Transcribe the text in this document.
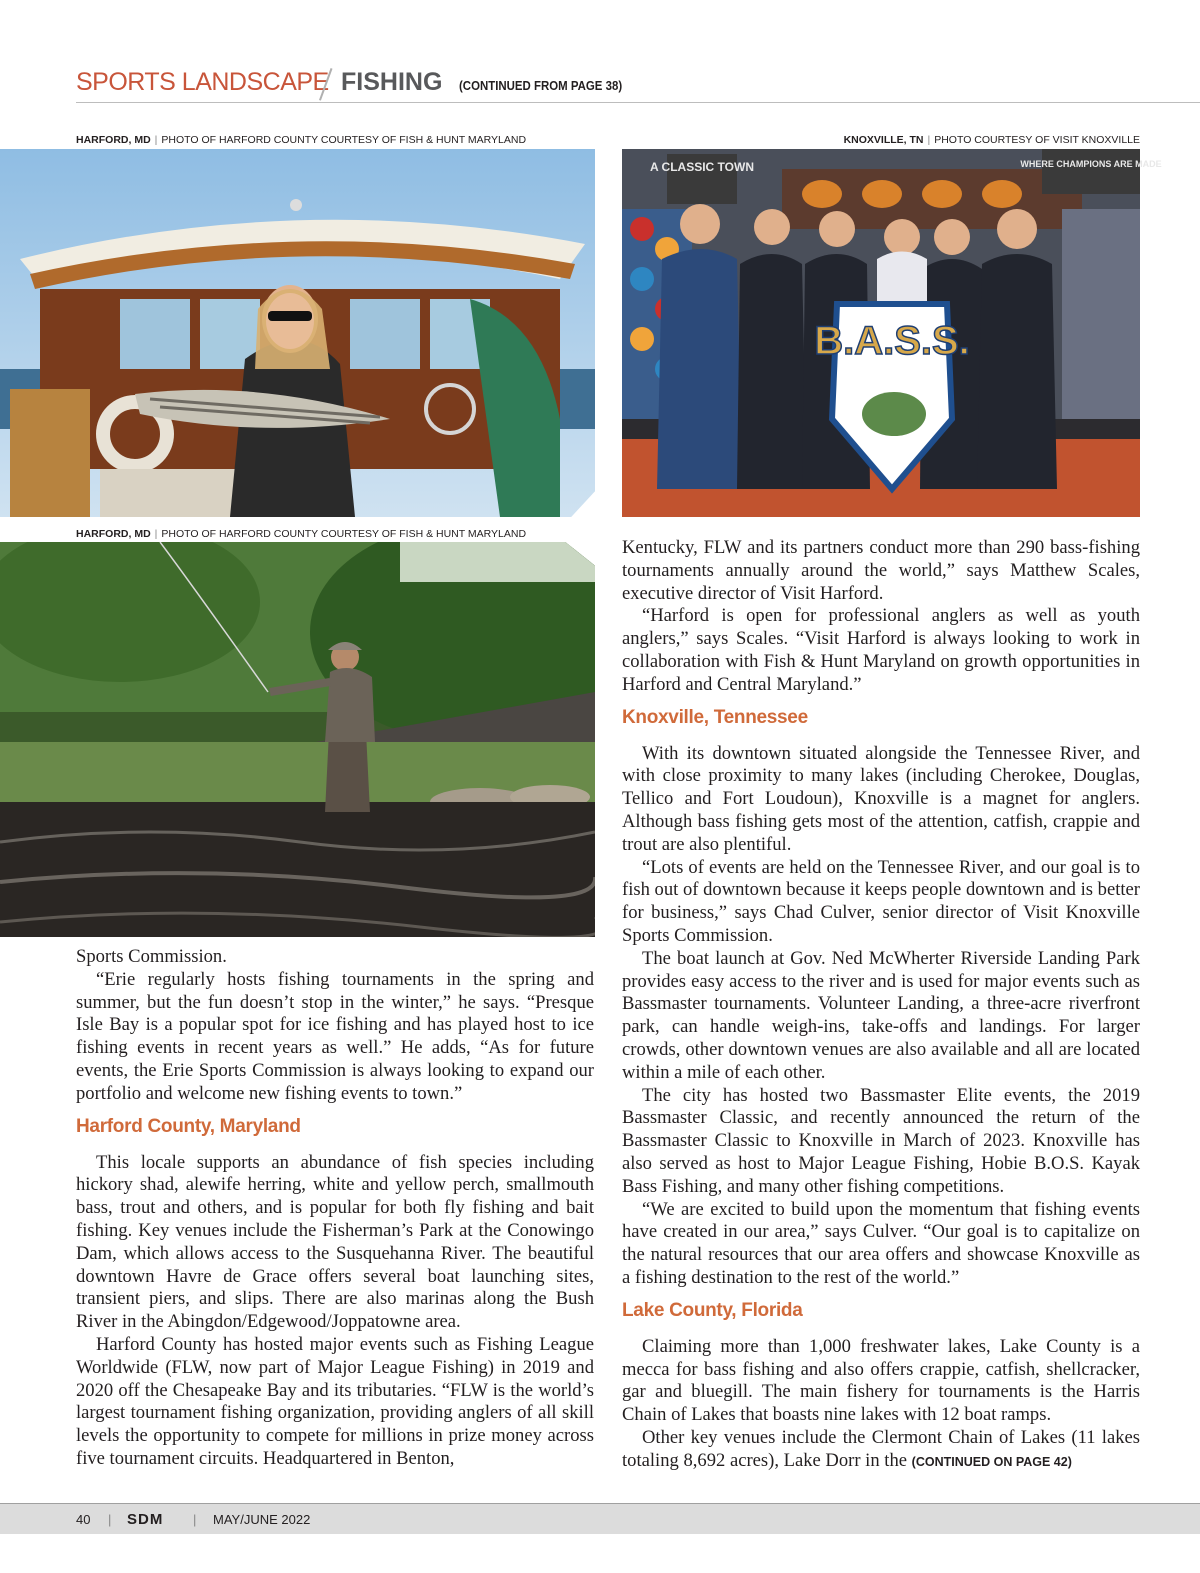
SPORTS LANDSCAPE FISHING (CONTINUED FROM PAGE 38)
HARFORD, MD | PHOTO OF HARFORD COUNTY COURTESY OF FISH & HUNT MARYLAND	KNOXVILLE, TN | PHOTO COURTESY OF VISIT KNOXVILLE
A CLASSIC TOWN	WHERE CHAMPIONS ARE MADE
B.A.S.S.
HARFORD, MD | PHOTO OF HARFORD COUNTY COURTESY OF FISH & HUNT MARYLAND

Sports Commission.

“Erie regularly hosts fishing tournaments in the spring and summer, but the fun doesn’t stop in the winter,” he says. “Presque Isle Bay is a popular spot for ice fishing and has played host to ice fishing events in recent years as well.” He adds, “As for future events, the Erie Sports Commission is always looking to expand our portfolio and welcome new fishing events to town.”

Harford County, Maryland

This locale supports an abundance of fish species including hickory shad, alewife herring, white and yellow perch, smallmouth bass, trout and others, and is popular for both fly fishing and bait fishing. Key venues include the Fisherman’s Park at the Conowingo Dam, which allows access to the Susquehanna River. The beautiful downtown Havre de Grace offers several boat launching sites, transient piers, and slips. There are also marinas along the Bush River in the Abingdon/Edgewood/Joppatowne area.

Harford County has hosted major events such as Fishing League Worldwide (FLW, now part of Major League Fishing) in 2019 and 2020 off the Chesapeake Bay and its tributaries. “FLW is the world’s largest tournament fishing organization, providing anglers of all skill levels the opportunity to compete for millions in prize money across five tournament circuits. Headquartered in Benton,

Kentucky, FLW and its partners conduct more than 290 bass-fishing tournaments annually around the world,” says Matthew Scales, executive director of Visit Harford.

“Harford is open for professional anglers as well as youth anglers,” says Scales. “Visit Harford is always looking to work in collaboration with Fish & Hunt Maryland on growth opportunities in Harford and Central Maryland.”

Knoxville, Tennessee

With its downtown situated alongside the Tennessee River, and with close proximity to many lakes (including Cherokee, Douglas, Tellico and Fort Loudoun), Knoxville is a magnet for anglers. Although bass fishing gets most of the attention, catfish, crappie and trout are also plentiful.

“Lots of events are held on the Tennessee River, and our goal is to fish out of downtown because it keeps people downtown and is better for business,” says Chad Culver, senior director of Visit Knoxville Sports Commission.

The boat launch at Gov. Ned McWherter Riverside Landing Park provides easy access to the river and is used for major events such as Bassmaster tournaments. Volunteer Landing, a three-acre riverfront park, can handle weigh-ins, take-offs and landings. For larger crowds, other downtown venues are also available and all are located within a mile of each other.

The city has hosted two Bassmaster Elite events, the 2019 Bassmaster Classic, and recently announced the return of the Bassmaster Classic to Knoxville in March of 2023. Knoxville has also served as host to Major League Fishing, Hobie B.O.S. Kayak Bass Fishing, and many other fishing competitions.

“We are excited to build upon the momentum that fishing events have created in our area,” says Culver. “Our goal is to capitalize on the natural resources that our area offers and showcase Knoxville as a fishing destination to the rest of the world.”

Lake County, Florida

Claiming more than 1,000 freshwater lakes, Lake County is a mecca for bass fishing and also offers crappie, catfish, shellcracker, gar and bluegill. The main fishery for tournaments is the Harris Chain of Lakes that boasts nine lakes with 12 boat ramps.

Other key venues include the Clermont Chain of Lakes (11 lakes totaling 8,692 acres), Lake Dorr in the (CONTINUED ON PAGE 42)

40 | SDM | MAY/JUNE 2022
